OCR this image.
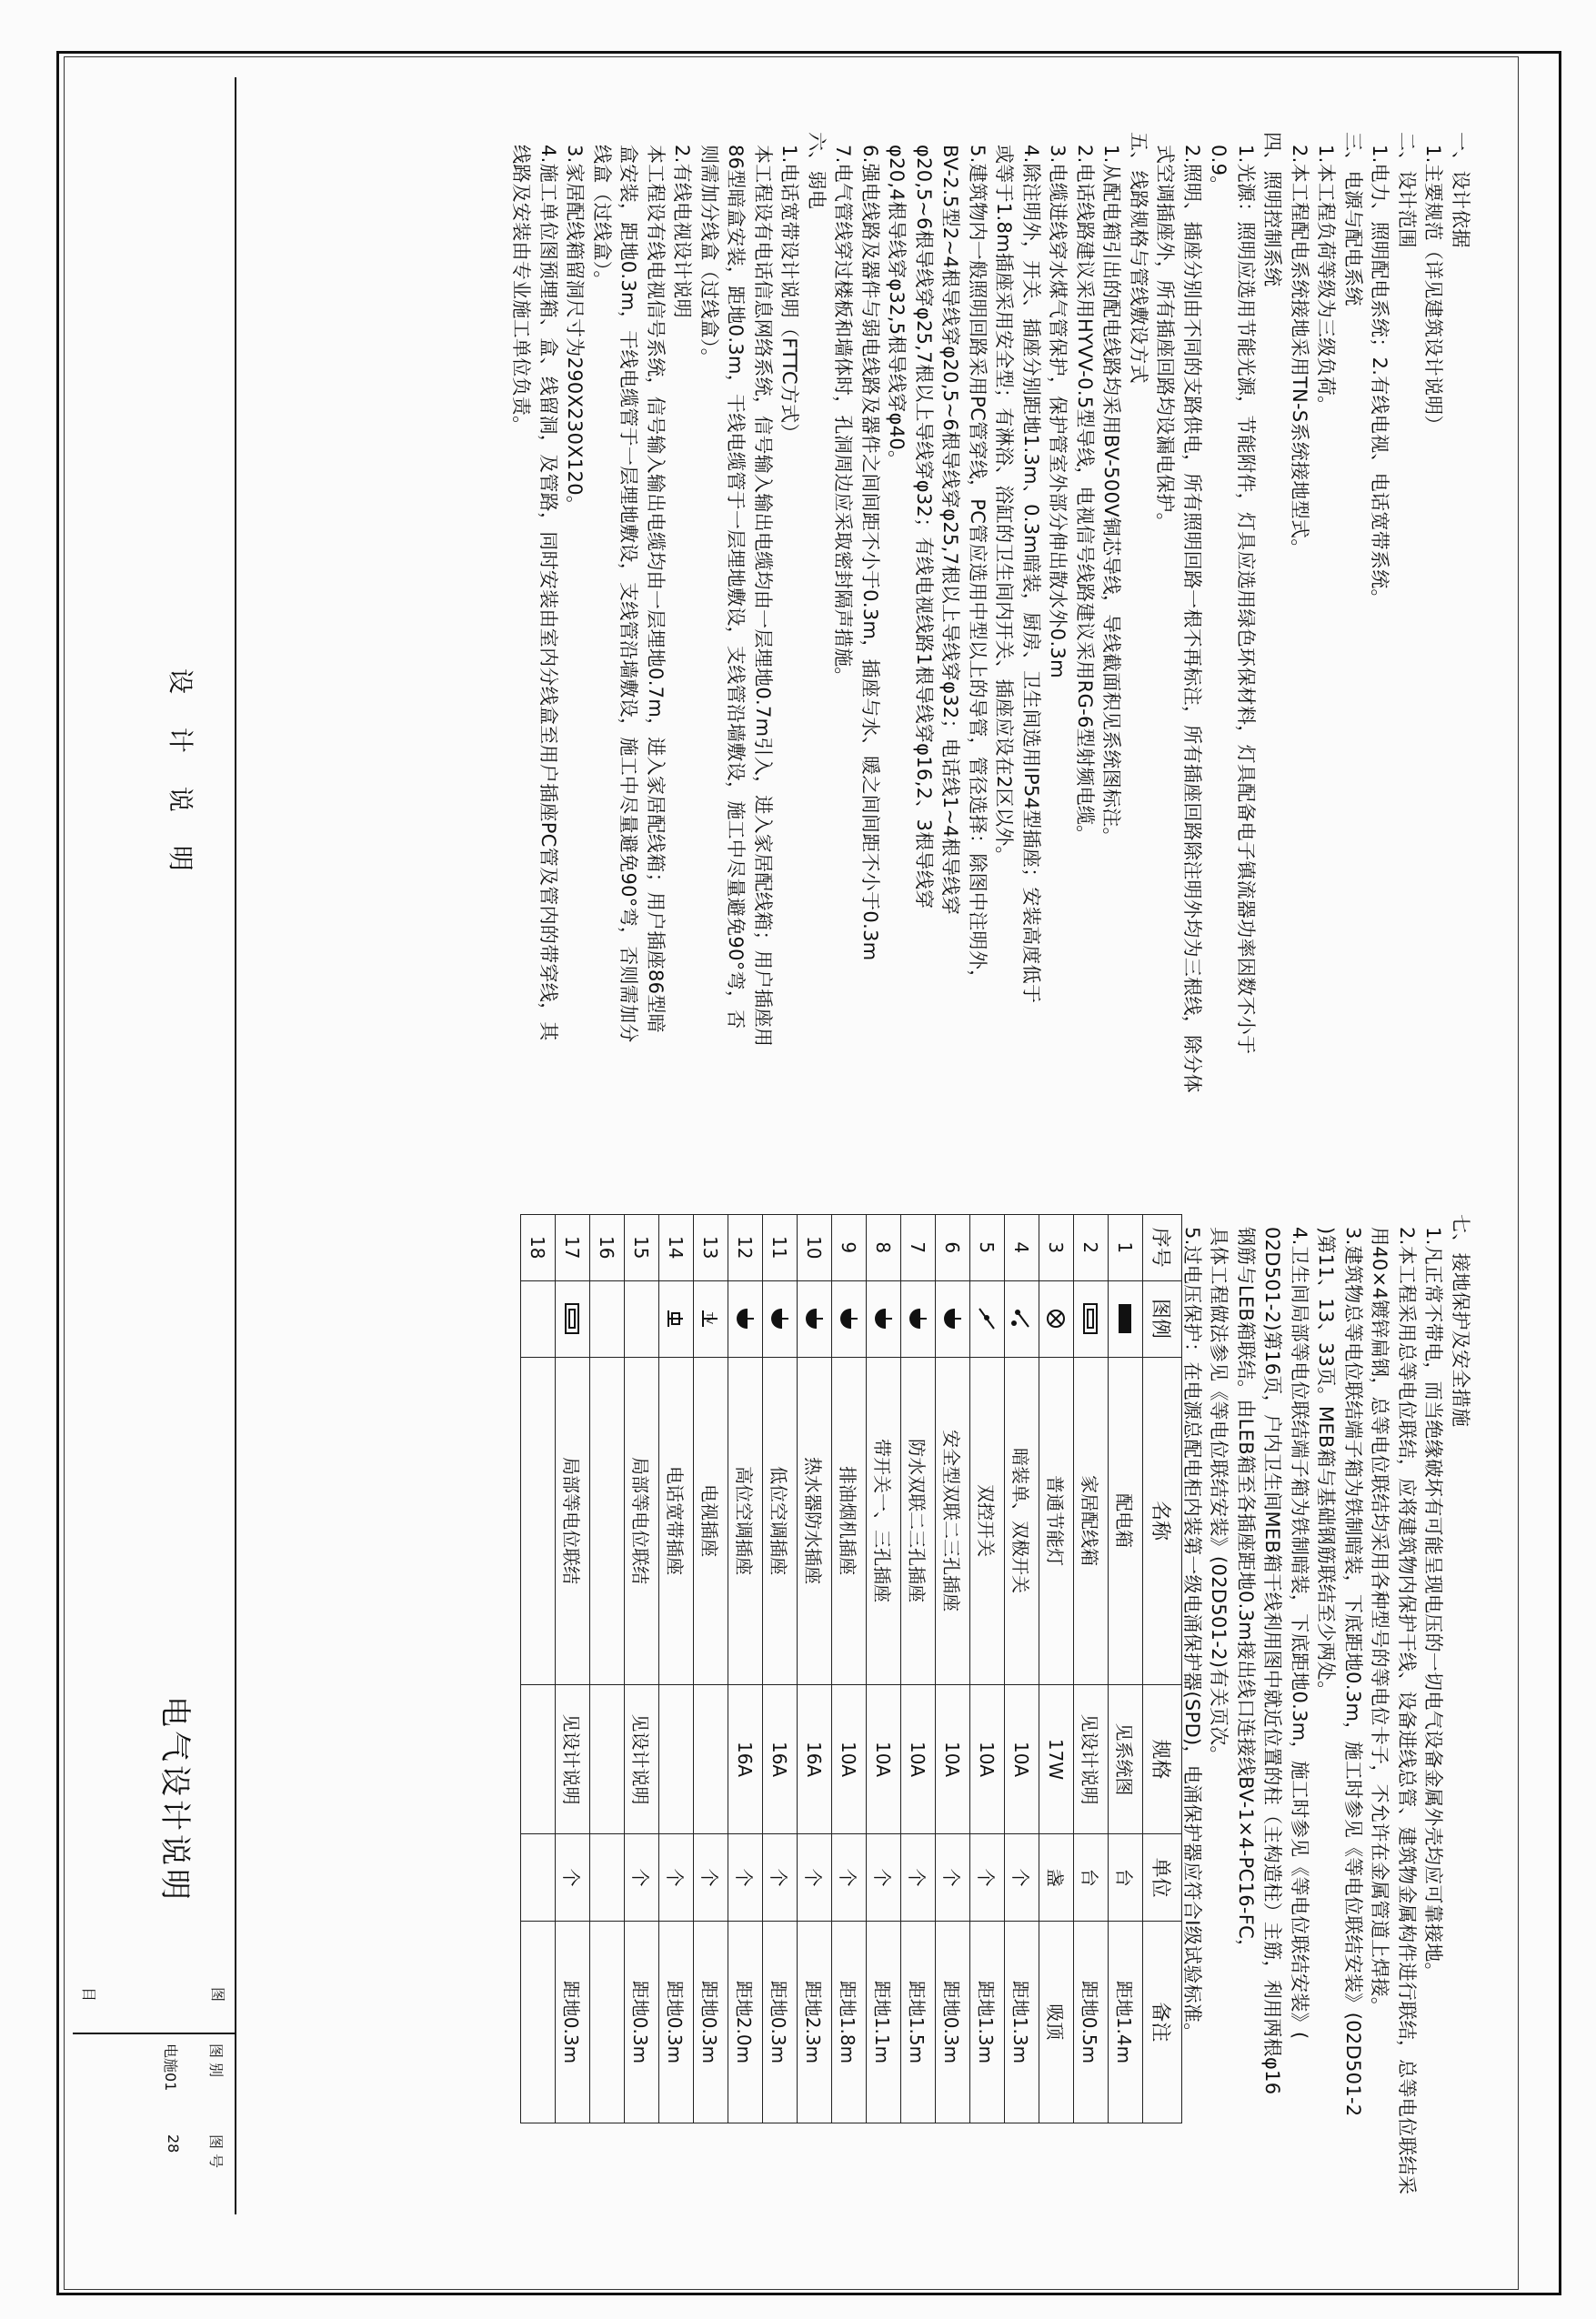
一、设计依据
1.主要规范（详见建筑设计说明）
二、设计范围
1.电力、照明配电系统；2.有线电视、电话宽带系统。
三、电源与配电系统
1.本工程负荷等级为三级负荷。
2.本工程配电系统接地采用TN-S系统接地型式。
四、照明控制系统
1.光源：照明应选用节能光源，节能附件，灯具应选用绿色环保材料，灯具配备电子镇流器功率因数不小于
0.9。
2.照明、插座分别由不同的支路供电，所有照明回路一根不再标注，所有插座回路除注明外均为三根线，除分体
式空调插座外，所有插座回路均设漏电保护。
五、线路规格与管线敷设方式
1.从配电箱引出的配电线路均采用BV-500V铜芯导线，导线截面积见系统图标注。
2.电话线路建议采用HYVV-0.5型导线，电视信号线路建议采用RG-6型射频电缆。
3.电缆进线穿水煤气管保护，保护管室外部分伸出散水外0.3m
4.除注明外，开关、插座分别距地1.3m、0.3m暗装，厨房、卫生间选用IP54型插座；安装高度低于
或等于1.8m插座采用安全型；有淋浴、浴缸的卫生间内开关、插座应设在2区以外。
5.建筑物内一般照明回路采用PC管穿线，PC管应选用中型以上的导管，管径选择：除图中注明外，
BV-2.5型2~4根导线穿φ20,5~6根导线穿φ25,7根以上导线穿φ32；电话线1~4根导线穿
φ20,5~6根导线穿φ25,7根以上导线穿φ32；有线电视线路1根导线穿φ16,2、3根导线穿
φ20,4根导线穿φ32,5根导线穿φ40。
6.强电线路及器件与弱电线路及器件之间间距不小于0.3m，插座与水、暖之间间距不小于0.3m
7.电气管线穿过楼板和墙体时，孔洞周边应采取密封隔声措施。
六、弱电
1.电话宽带设计说明（FTTC方式）
本工程设有电话信息网络系统，信号输入输出电缆均由一层埋地0.7m引入，进入家居配线箱；用户插座用
86型暗盒安装，距地0.3m，干线电缆管于一层埋地敷设，支线管沿墙敷设，施工中尽量避免90°弯，否
则需加分线盒（过线盒）。
2.有线电视设计说明
本工程设有线电视信号系统，信号输入输出电缆均由一层埋地0.7m，进入家居配线箱；用户插座86型暗
盒安装，距地0.3m，干线电缆管于一层埋地敷设，支线管沿墙敷设，施工中尽量避免90°弯，否则需加分
线盒（过线盒）。
3.家居配线箱留洞尺寸为290X230X120。
4.施工单位图预埋箱、盒、线留洞，及管路，同时安装由室内分线盒至用户插座PC管及管内的带穿线，其
线路及安装由专业施工单位负责。
设 计 说 明
七、接地保护及安全措施
1.凡正常不带电，而当绝缘破坏有可能呈现电压的一切电气设备金属外壳均应可靠接地。
2.本工程采用总等电位联结，应将建筑物内保护干线、设备进线总管、建筑物金属构件进行联结，总等电位联结采
用40×4镀锌扁钢，总等电位联结均采用各种型号的等电位卡子，不允许在金属管道上焊接。
3.建筑物总等电位联结端子箱为铁制暗装，下底距地0.3m，施工时参见《等电位联结安装》(02D501-2
)第11、13、33页。MEB箱与基础钢筋联结至少两处。
4.卫生间局部等电位联结端子箱为铁制暗装，下底距地0.3m，施工时参见《等电位联结安装》(
02D501-2)第16页，户内卫生间MEB箱干线利用图中就近位置的柱（主构造柱）主筋，利用两根φ16
钢筋与LEB箱联结。由LEB箱至各插座距地0.3m接出线口连接线BV-1×4-PC16-FC，
具体工程做法参见《等电位联结安装》(02D501-2)有关页次。
5.过电压保护：在电源总配电柜内装第一级电涌保护器(SPD)，电涌保护器应符合Ⅰ级试验标准。
序号	图例	名称	规格	单位	备注
1		配电箱	见系统图	台	距地1.4m
2		家居配线箱	见设计说明	台	距地0.5m
3		普通节能灯	17W	盏	吸顶
4		暗装单、双极开关	10A	个	距地1.3m
5		双控开关	10A	个	距地1.3m
6		安全型双联二三孔插座	10A	个	距地0.3m
7		防水双联二三孔插座	10A	个	距地1.5m
8		带开关一、三孔插座	10A	个	距地1.1m
9		排油烟机插座	10A	个	距地1.8m
10		热水器防水插座	16A	个	距地2.3m
11		低位空调插座	16A	个	距地0.3m
12		高位空调插座	16A	个	距地2.0m
13	TV	电视插座		个	距地0.3m
14		电话宽带插座		个	距地0.3m
15		局部等电位联结	见设计说明	个	距地0.3m
16					
17		局部等电位联结	见设计说明	个	距地0.3m
18					
图
目
电气设计说明
图 别
电施01
图 号
28
